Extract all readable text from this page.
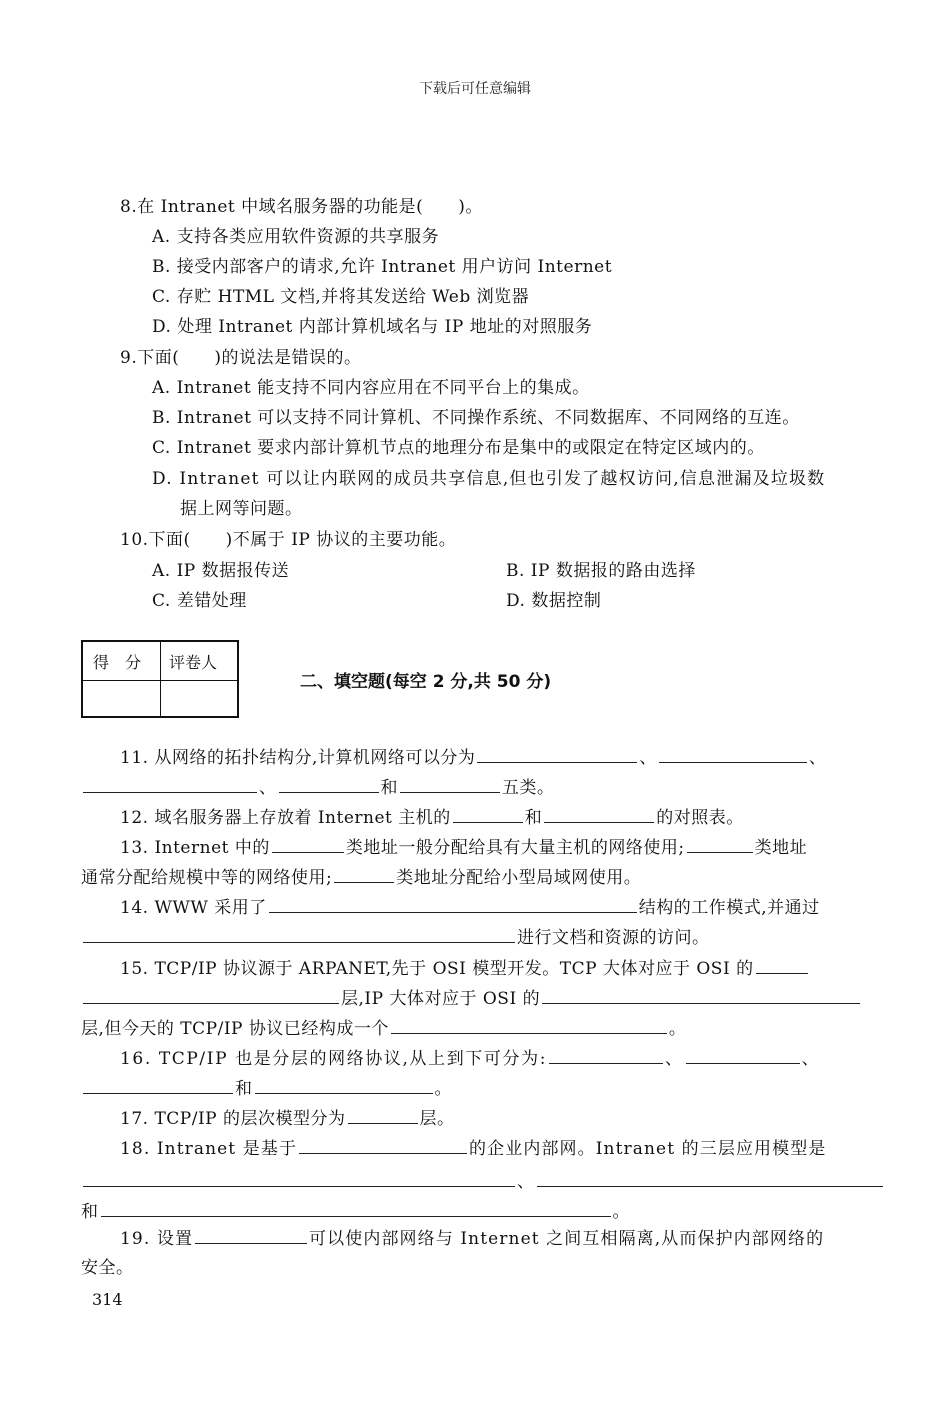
下载后可任意编辑
8.在 Intranet 中域名服务器的功能是(　　)。
A. 支持各类应用软件资源的共享服务
B. 接受内部客户的请求,允许 Intranet 用户访问 Internet
C. 存贮 HTML 文档,并将其发送给 Web 浏览器
D. 处理 Intranet 内部计算机域名与 IP 地址的对照服务
9.下面(　　)的说法是错误的。
A. Intranet 能支持不同内容应用在不同平台上的集成。
B. Intranet 可以支持不同计算机、不同操作系统、不同数据库、不同网络的互连。
C. Intranet 要求内部计算机节点的地理分布是集中的或限定在特定区域内的。
D. Intranet 可以让内联网的成员共享信息,但也引发了越权访问,信息泄漏及垃圾数
据上网等问题。
10.下面(　　)不属于 IP 协议的主要功能。
A. IP 数据报传送	B. IP 数据报的路由选择
C. 差错处理	D. 数据控制
得　分 评卷人
二、填空题(每空 2 分,共 50 分)
11. 从网络的拓扑结构分,计算机网络可以分为	、	、
、	和	五类。
12. 域名服务器上存放着 Internet 主机的	和	的对照表。
13. Internet 中的	类地址一般分配给具有大量主机的网络使用;	类地址
通常分配给规模中等的网络使用;	类地址分配给小型局域网使用。
14. WWW 采用了	结构的工作模式,并通过
进行文档和资源的访问。
15. TCP/IP 协议源于 ARPANET,先于 OSI 模型开发。TCP 大体对应于 OSI 的
层,IP 大体对应于 OSI 的
层,但今天的 TCP/IP 协议已经构成一个	。
16. TCP/IP 也是分层的网络协议,从上到下可分为:	、	、
和	。
17. TCP/IP 的层次模型分为	层。
18. Intranet 是基于	的企业内部网。Intranet 的三层应用模型是
、
和	。
19. 设置	可以使内部网络与 Internet 之间互相隔离,从而保护内部网络的
安全。
314
